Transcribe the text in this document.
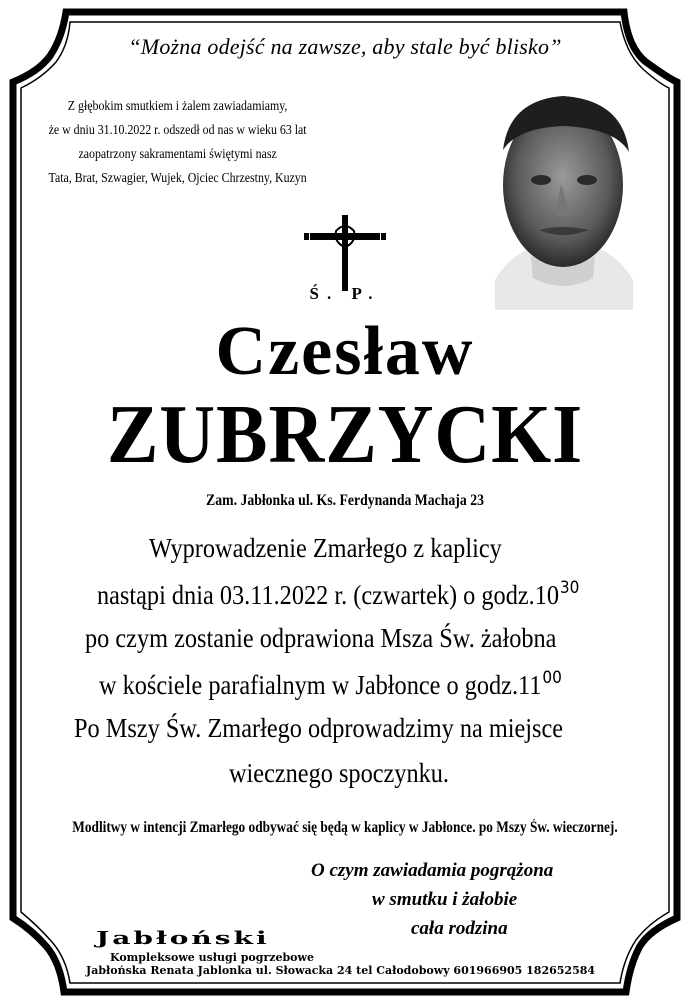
“Można odejść na zawsze, aby stale być blisko”
Z głębokim smutkiem i żalem zawiadamiamy,
że w dniu 31.10.2022 r. odszedł od nas w wieku 63 lat
zaopatrzony sakramentami świętymi nasz
Tata, Brat, Szwagier, Wujek, Ojciec Chrzestny, Kuzyn
Ś. P.
Czesław
ZUBRZYCKI
Zam. Jabłonka ul. Ks. Ferdynanda Machaja 23
Wyprowadzenie Zmarłego z kaplicy
nastąpi dnia 03.11.2022 r. (czwartek) o $godz.10^{30}$
po czym zostanie odprawiona Msza Św. żałobna
w kościele parafialnym w Jabłonce o $godz.11^{00}$
Po Mszy Św. Zmarłego odprowadzimy na miejsce
wiecznego spoczynku.
Modlitwy w intencji Zmarłego odbywać się będą w kaplicy w Jabłonce. po Mszy Św. wieczornej.
O czym zawiadamia pogrążona
w smutku i żałobie
cała rodzina
Jabłoński
Kompleksowe usługi pogrzebowe
Jabłońska Renata Jablonka ul. Słowacka 24 tel Całodobowy 601966905 182652584
